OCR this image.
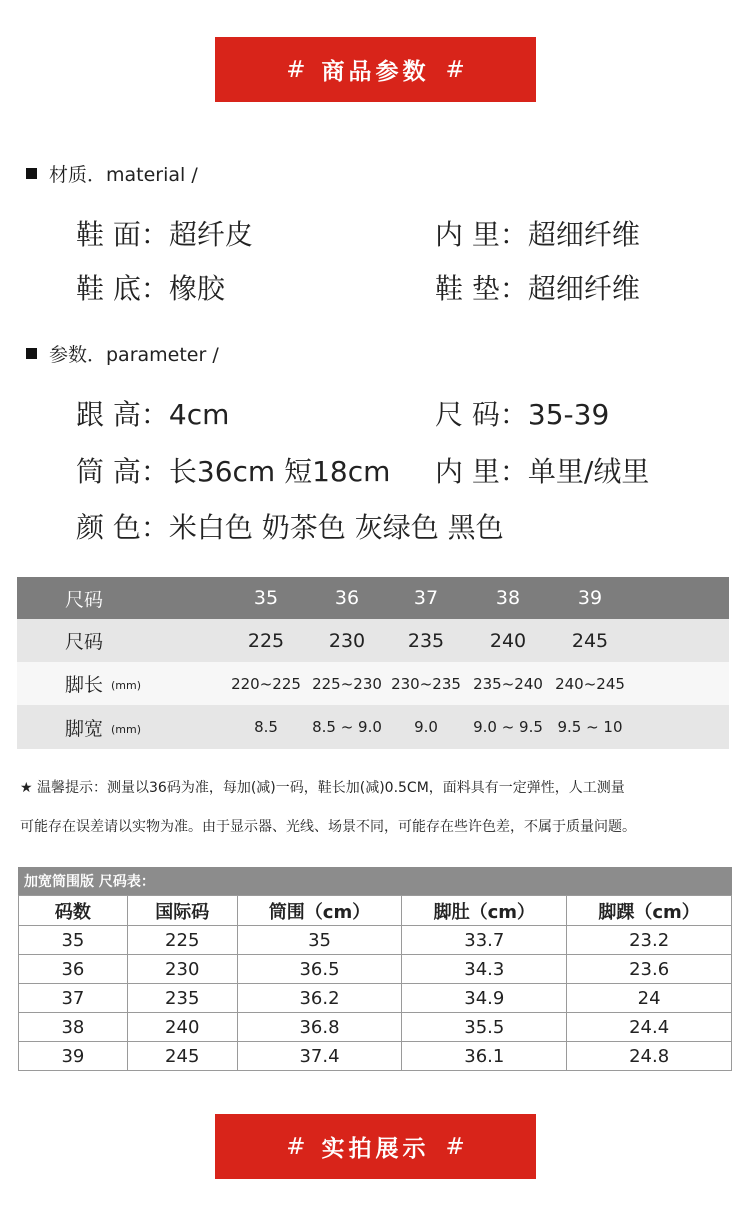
# 商品参数 #
材质．material /
鞋 面：超纤皮	内 里：超细纤维
鞋 底：橡胶	鞋 垫：超细纤维
参数．parameter /
跟 高：4cm	尺 码：35-39
筒 高：长36cm 短18cm 内 里：单里/绒里
颜 色：米白色 奶茶色 灰绿色 黑色
尺码	35	36	37	38	39
尺码	225	230	235	240	245
脚长 (mm)	220~225 225~230 230~235 235~240 240~245
脚宽 (mm)	8.5	8.5 ~ 9.0	9.0	9.0 ~ 9.5 9.5 ~ 10
★ 温馨提示：测量以36码为准，每加(减)一码，鞋长加(减)0.5CM，面料具有一定弹性，人工测量
可能存在误差请以实物为准。由于显示器、光线、场景不同，可能存在些许色差，不属于质量问题。
加宽筒围版 尺码表：
码数	国际码	筒围（cm）	脚肚（cm）	脚踝（cm）
35	225	35	33.7	23.2
36	230	36.5	34.3	23.6
37	235	36.2	34.9	24
38	240	36.8	35.5	24.4
39	245	37.4	36.1	24.8
# 实拍展示 #
